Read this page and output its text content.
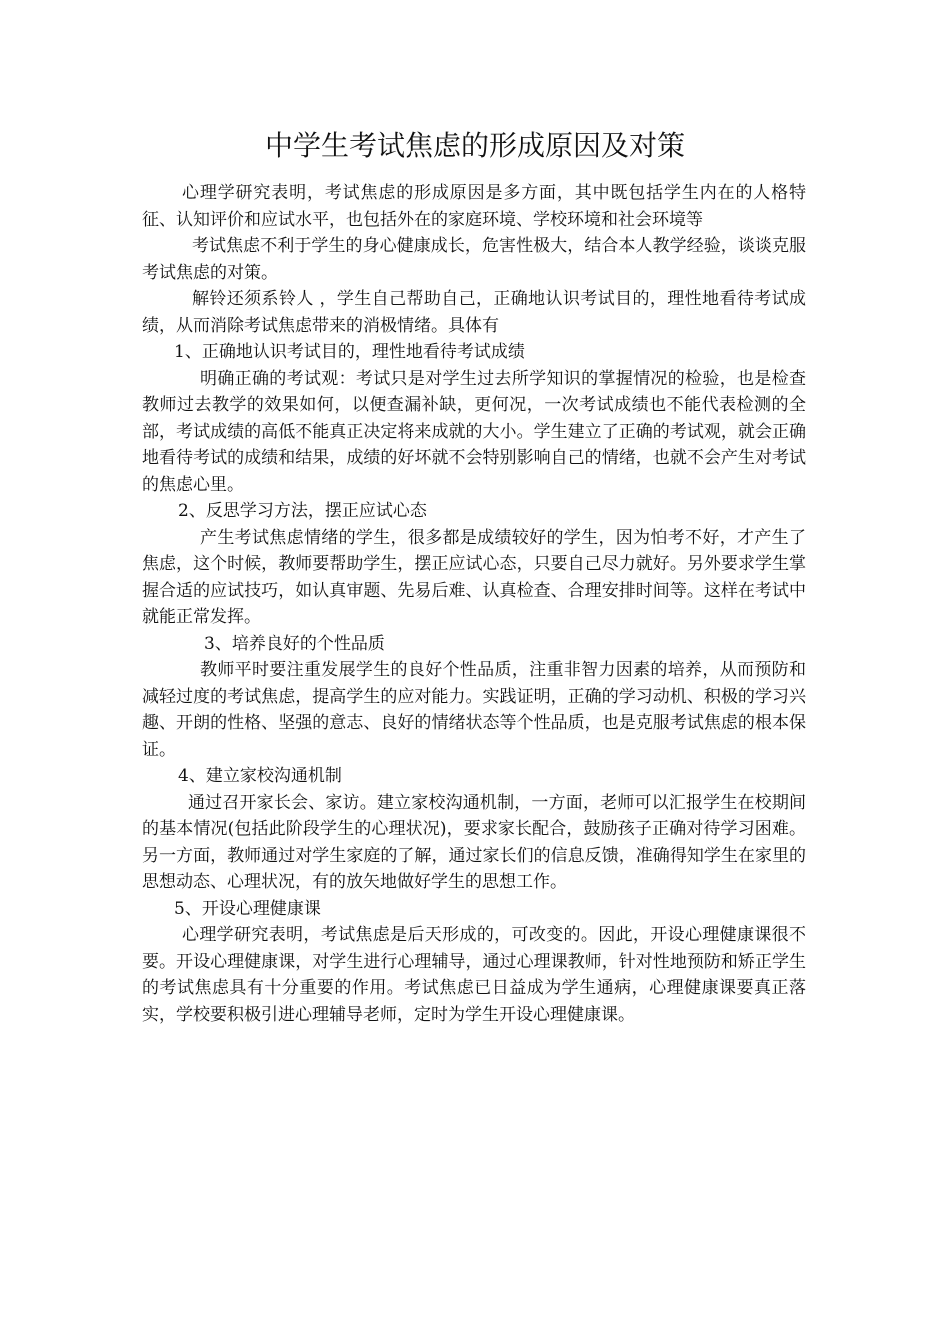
中学生考试焦虑的形成原因及对策

心理学研究表明，考试焦虑的形成原因是多方面，其中既包括学生内在的人格特征、认知评价和应试水平，也包括外在的家庭环境、学校环境和社会环境等

考试焦虑不利于学生的身心健康成长，危害性极大，结合本人教学经验，谈谈克服考试焦虑的对策。

解铃还须系铃人 ，学生自己帮助自己，正确地认识考试目的，理性地看待考试成绩，从而消除考试焦虑带来的消极情绪。具体有

1、正确地认识考试目的，理性地看待考试成绩

明确正确的考试观：考试只是对学生过去所学知识的掌握情况的检验，也是检查教师过去教学的效果如何，以便查漏补缺，更何况，一次考试成绩也不能代表检测的全部，考试成绩的高低不能真正决定将来成就的大小。学生建立了正确的考试观，就会正确地看待考试的成绩和结果，成绩的好坏就不会特别影响自己的情绪，也就不会产生对考试的焦虑心里。

2、反思学习方法，摆正应试心态

产生考试焦虑情绪的学生，很多都是成绩较好的学生，因为怕考不好，才产生了焦虑，这个时候，教师要帮助学生，摆正应试心态，只要自己尽力就好。另外要求学生掌握合适的应试技巧，如认真审题、先易后难、认真检查、合理安排时间等。这样在考试中就能正常发挥。

3、培养良好的个性品质

教师平时要注重发展学生的良好个性品质，注重非智力因素的培养，从而预防和减轻过度的考试焦虑，提高学生的应对能力。实践证明，正确的学习动机、积极的学习兴趣、开朗的性格、坚强的意志、良好的情绪状态等个性品质，也是克服考试焦虑的根本保证。

4、建立家校沟通机制

通过召开家长会、家访。建立家校沟通机制，一方面，老师可以汇报学生在校期间的基本情况(包括此阶段学生的心理状况)，要求家长配合，鼓励孩子正确对待学习困难。另一方面，教师通过对学生家庭的了解，通过家长们的信息反馈，准确得知学生在家里的思想动态、心理状况，有的放矢地做好学生的思想工作。

5、开设心理健康课

心理学研究表明，考试焦虑是后天形成的，可改变的。因此，开设心理健康课很不要。开设心理健康课，对学生进行心理辅导，通过心理课教师，针对性地预防和矫正学生的考试焦虑具有十分重要的作用。考试焦虑已日益成为学生通病，心理健康课要真正落实，学校要积极引进心理辅导老师，定时为学生开设心理健康课。
